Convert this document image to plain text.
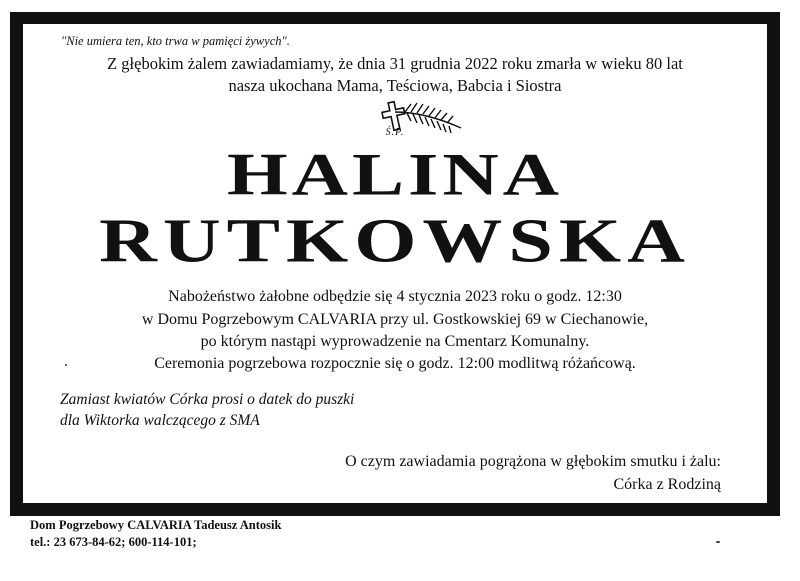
"Nie umiera ten, kto trwa w pamięci żywych".
Z głębokim żalem zawiadamiamy, że dnia 31 grudnia 2022 roku zmarła w wieku 80 lat
nasza ukochana Mama, Teściowa, Babcia i Siostra
Ś.P.
HALINA
RUTKOWSKA
Nabożeństwo żałobne odbędzie się 4 stycznia 2023 roku o godz. 12:30
w Domu Pogrzebowym CALVARIA przy ul. Gostkowskiej 69 w Ciechanowie,
po którym nastąpi wyprowadzenie na Cmentarz Komunalny.
Ceremonia pogrzebowa rozpocznie się o godz. 12:00 modlitwą różańcową.
Zamiast kwiatów Córka prosi o datek do puszki
dla Wiktorka walczącego z SMA
O czym zawiadamia pogrążona w głębokim smutku i żalu:
Córka z Rodziną
Dom Pogrzebowy CALVARIA Tadeusz Antosik
tel.: 23 673-84-62; 600-114-101;
